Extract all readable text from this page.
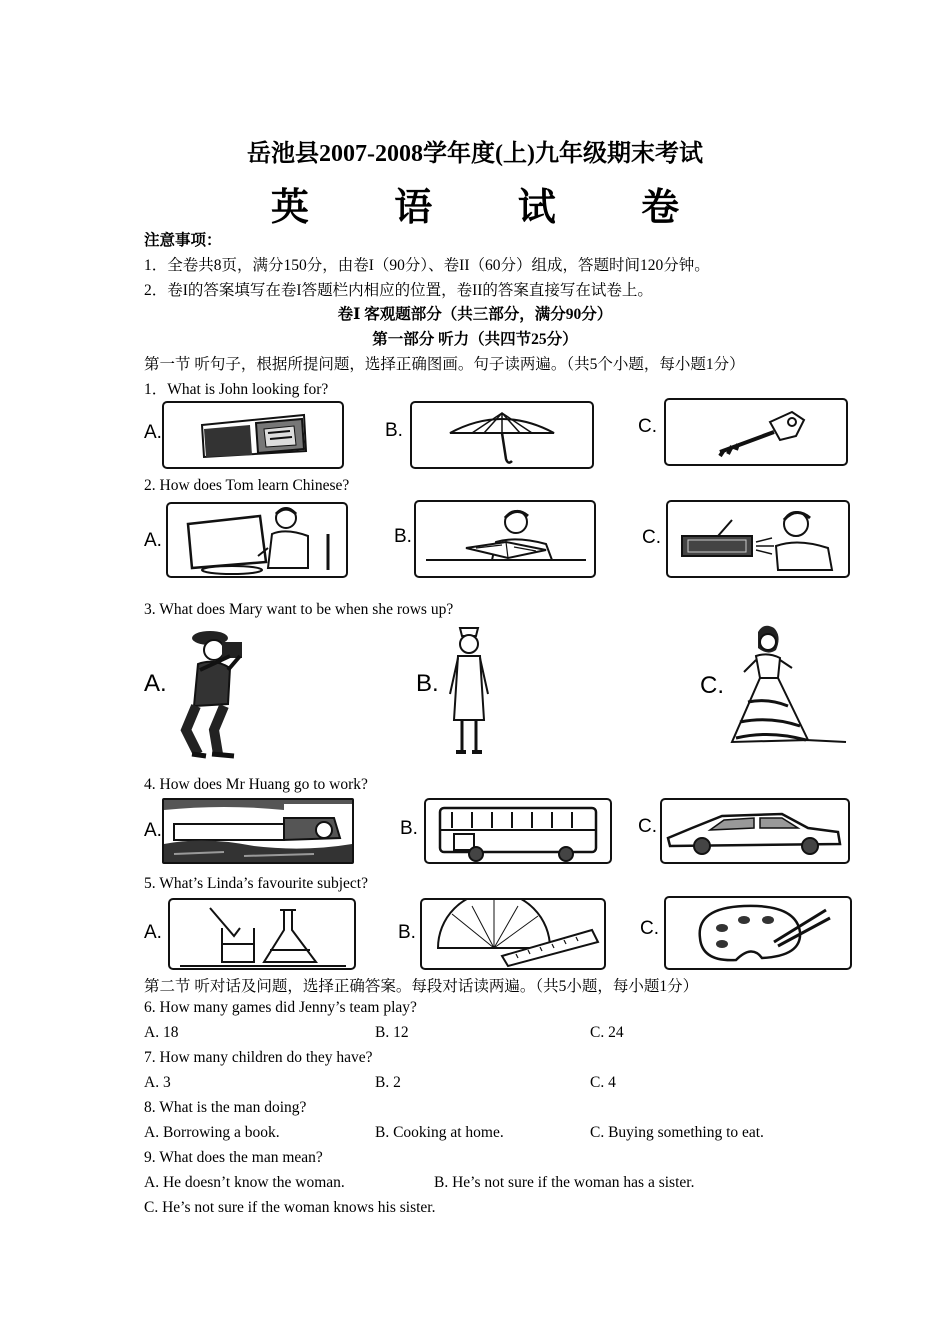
岳池县2007-2008学年度(上)九年级期末考试
英 语 试 卷
注意事项：
1．全卷共8页，满分150分，由卷I（90分）、卷II（60分）组成，答题时间120分钟。
2．卷I的答案填写在卷I答题栏内相应的位置，卷II的答案直接写在试卷上。
卷Ⅰ 客观题部分（共三部分，满分90分）
第一部分 听力（共四节25分）
第一节 听句子，根据所提问题，选择正确图画。句子读两遍。（共5个小题，每小题1分）
1．What is John looking for?
A.	B.	C.
2. How does Tom learn Chinese?
A.	B.	C.
3. What does Mary want to be when she rows up?
A.	B.	C.
4. How does Mr Huang go to work?
A.	B.	C.
5. What’s Linda’s favourite subject?
A.	B.	C.
第二节 听对话及问题，选择正确答案。每段对话读两遍。（共5小题，每小题1分）
6. How many games did Jenny’s team play?
A. 18	B. 12	C. 24
7. How many children do they have?
A. 3	B. 2	C. 4
8. What is the man doing?
A. Borrowing a book.	B. Cooking at home.	C. Buying something to eat.
9. What does the man mean?
A. He doesn’t know the woman.	B. He’s not sure if the woman has a sister.
C. He’s not sure if the woman knows his sister.
